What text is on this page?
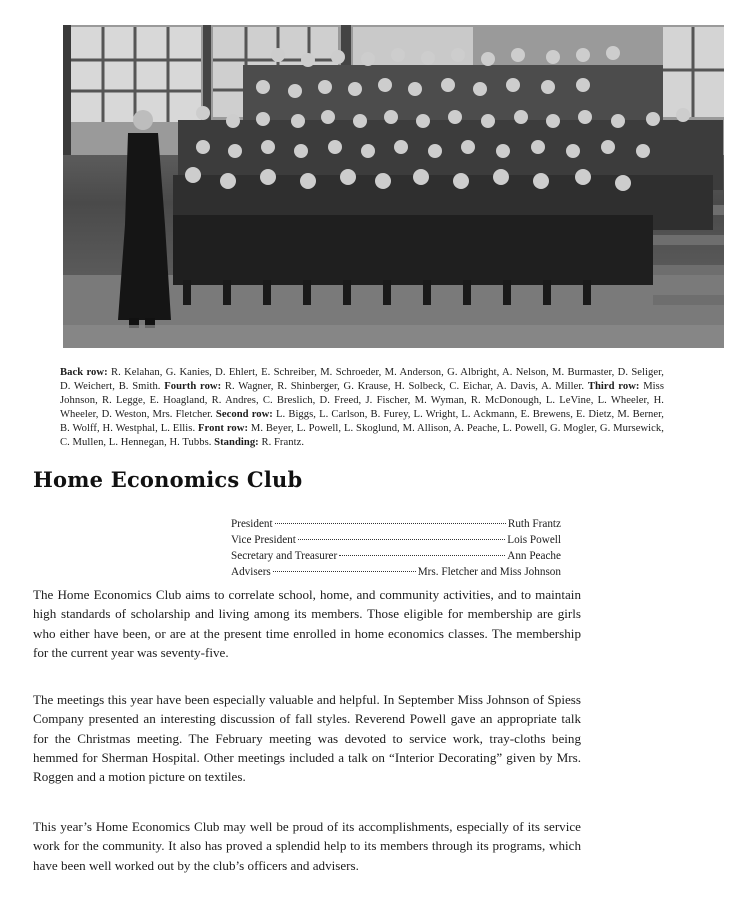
Back row: R. Kelahan, G. Kanies, D. Ehlert, E. Schreiber, M. Schroeder, M. Anderson, G. Albright, A. Nelson, M. Burmaster, D. Seliger, D. Weichert, B. Smith. Fourth row: R. Wagner, R. Shinberger, G. Krause, H. Solbeck, C. Eichar, A. Davis, A. Miller. Third row: Miss Johnson, R. Legge, E. Hoagland, R. Andres, C. Breslich, D. Freed, J. Fischer, M. Wyman, R. McDonough, L. LeVine, L. Wheeler, H. Wheeler, D. Weston, Mrs. Fletcher. Second row: L. Biggs, L. Carlson, B. Furey, L. Wright, L. Ackmann, E. Brewens, E. Dietz, M. Berner, B. Wolff, H. Westphal, L. Ellis. Front row: M. Beyer, L. Powell, L. Skoglund, M. Allison, A. Peache, L. Powell, G. Mogler, G. Mursewick, C. Mullen, L. Hennegan, H. Tubbs. Standing: R. Frantz.
Home Economics Club
President	Ruth Frantz
Vice President	Lois Powell
Secretary and Treasurer	Ann Peache
Advisers	Mrs. Fletcher and Miss Johnson

The Home Economics Club aims to correlate school, home, and community activities, and to maintain high standards of scholarship and living among its members. Those eligible for membership are girls who either have been, or are at the present time enrolled in home economics classes. The membership for the current year was seventy-five.

The meetings this year have been especially valuable and helpful. In September Miss Johnson of Spiess Company presented an interesting discussion of fall styles. Reverend Powell gave an appropriate talk for the Christmas meeting. The February meeting was devoted to service work, tray-cloths being hemmed for Sherman Hospital. Other meetings included a talk on “Interior Decorating” given by Mrs. Roggen and a motion picture on textiles.

This year’s Home Economics Club may well be proud of its accomplishments, especially of its service work for the community. It also has proved a splendid help to its members through its programs, which have been well worked out by the club’s officers and advisers.
